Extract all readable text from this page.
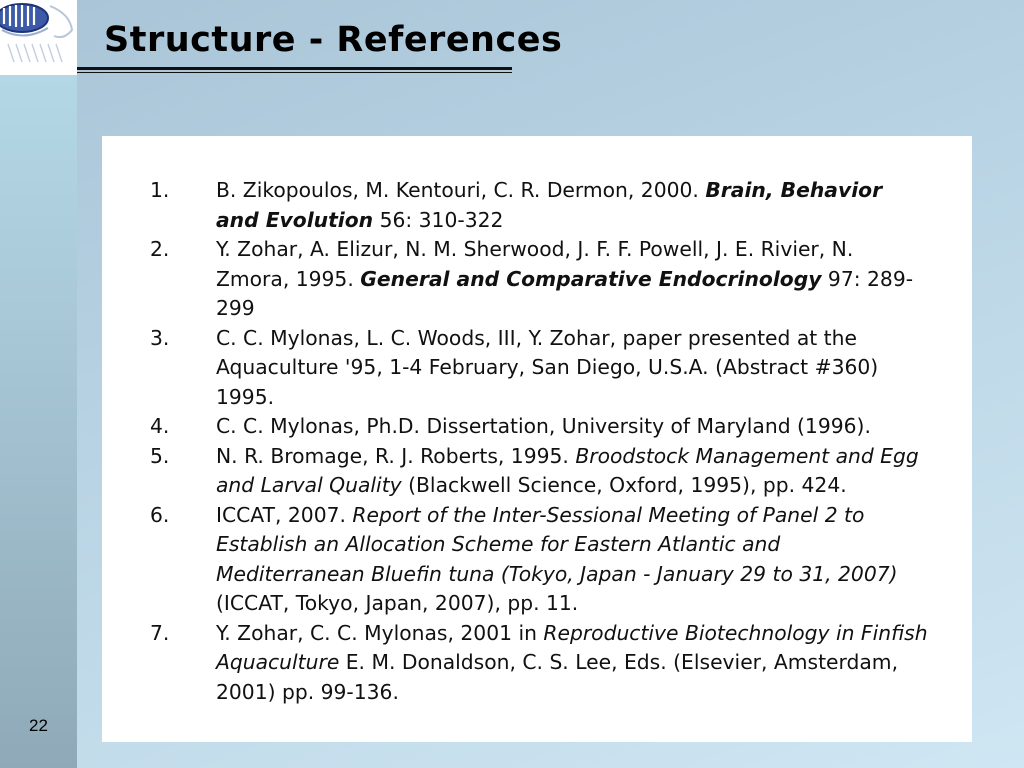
Structure - References
1. B. Zikopoulos, M. Kentouri, C. R. Dermon, 2000. Brain, Behavior and Evolution 56: 310-322
2. Y. Zohar, A. Elizur, N. M. Sherwood, J. F. F. Powell, J. E. Rivier, N. Zmora, 1995. General and Comparative Endocrinology 97: 289-299
3. C. C. Mylonas, L. C. Woods, III, Y. Zohar, paper presented at the Aquaculture '95, 1-4 February, San Diego, U.S.A. (Abstract #360) 1995.
4. C. C. Mylonas, Ph.D. Dissertation, University of Maryland (1996).
5. N. R. Bromage, R. J. Roberts, 1995. Broodstock Management and Egg and Larval Quality (Blackwell Science, Oxford, 1995), pp. 424.
6. ICCAT, 2007. Report of the Inter-Sessional Meeting of Panel 2 to Establish an Allocation Scheme for Eastern Atlantic and Mediterranean Bluefin tuna (Tokyo, Japan - January 29 to 31, 2007) (ICCAT, Tokyo, Japan, 2007), pp. 11.
7. Y. Zohar, C. C. Mylonas, 2001 in Reproductive Biotechnology in Finfish Aquaculture E. M. Donaldson, C. S. Lee, Eds. (Elsevier, Amsterdam, 2001) pp. 99-136.
22
